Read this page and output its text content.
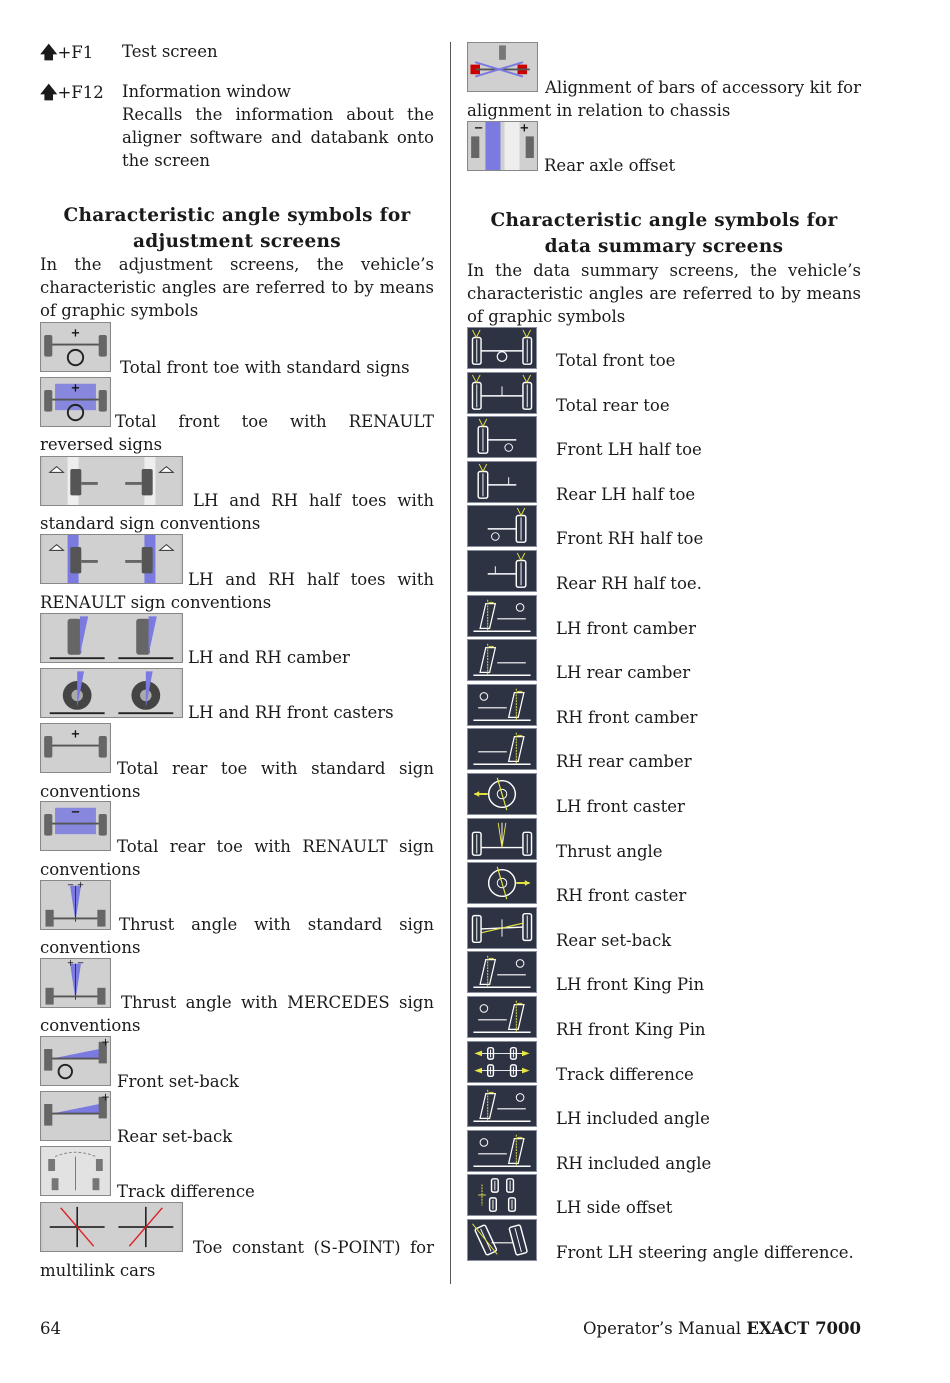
🡅+F1 Test screen
🡅+F12 Information window
Recalls the information about the aligner software and databank onto the screen
Characteristic angle symbols for adjustment screens
In the adjustment screens, the vehicle’s characteristic angles are referred to by means of graphic symbols
+
Total front toe with standard signs
+
Total front toe with RENAULT reversed signs
LH and RH half toes with standard sign conventions
LH and RH half toes with RENAULT sign conventions
LH and RH camber
LH and RH front casters
+
Total rear toe with standard sign conventions
−
Total rear toe with RENAULT sign conventions
− +
Thrust angle with standard sign conventions
+ −
Thrust angle with MERCEDES sign conventions
+
Front set-back
+
Rear set-back
Track difference
Toe constant (S-POINT) for multilink cars
Alignment of bars of accessory kit for alignment in relation to chassis
−	+
Rear axle offset
Characteristic angle symbols for data summary screens
In the data summary screens, the vehicle’s characteristic angles are referred to by means of graphic symbols
Total front toe
Total rear toe
Front LH half toe
Rear LH half toe
Front RH half toe
Rear RH half toe.
LH front camber
LH rear camber
RH front camber
RH rear camber
LH front caster
Thrust angle
RH front caster
Rear set-back
LH front King Pin
RH front King Pin
Track difference
LH included angle
RH included angle
LH side offset
Front LH steering angle difference.
64	Operator’s Manual EXACT 7000
